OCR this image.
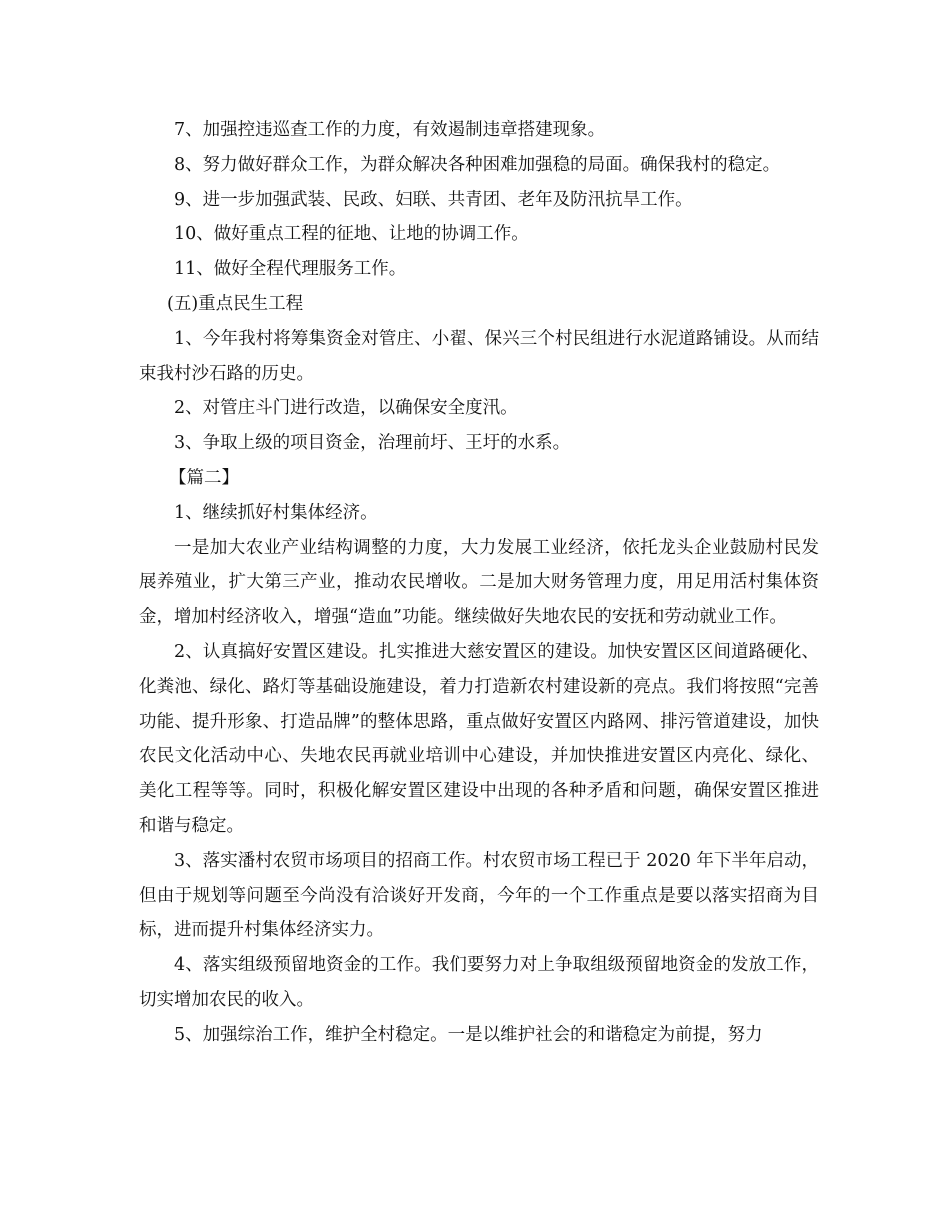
7、加强控违巡查工作的力度，有效遏制违章搭建现象。

8、努力做好群众工作，为群众解决各种困难加强稳的局面。确保我村的稳定。

9、进一步加强武装、民政、妇联、共青团、老年及防汛抗旱工作。

10、做好重点工程的征地、让地的协调工作。

11、做好全程代理服务工作。

(五)重点民生工程

1、今年我村将筹集资金对管庄、小翟、保兴三个村民组进行水泥道路铺设。从而结束我村沙石路的历史。

2、对管庄斗门进行改造，以确保安全度汛。

3、争取上级的项目资金，治理前圩、王圩的水系。

【篇二】

1、继续抓好村集体经济。

一是加大农业产业结构调整的力度，大力发展工业经济，依托龙头企业鼓励村民发展养殖业，扩大第三产业，推动农民增收。二是加大财务管理力度，用足用活村集体资金，增加村经济收入，增强“造血”功能。继续做好失地农民的安抚和劳动就业工作。

2、认真搞好安置区建设。扎实推进大慈安置区的建设。加快安置区区间道路硬化、化粪池、绿化、路灯等基础设施建设，着力打造新农村建设新的亮点。我们将按照“完善功能、提升形象、打造品牌”的整体思路，重点做好安置区内路网、排污管道建设，加快农民文化活动中心、失地农民再就业培训中心建设，并加快推进安置区内亮化、绿化、美化工程等等。同时，积极化解安置区建设中出现的各种矛盾和问题，确保安置区推进和谐与稳定。

3、落实潘村农贸市场项目的招商工作。村农贸市场工程已于 2020 年下半年启动，但由于规划等问题至今尚没有洽谈好开发商，今年的一个工作重点是要以落实招商为目标，进而提升村集体经济实力。

4、落实组级预留地资金的工作。我们要努力对上争取组级预留地资金的发放工作，切实增加农民的收入。

5、加强综治工作，维护全村稳定。一是以维护社会的和谐稳定为前提，努力
